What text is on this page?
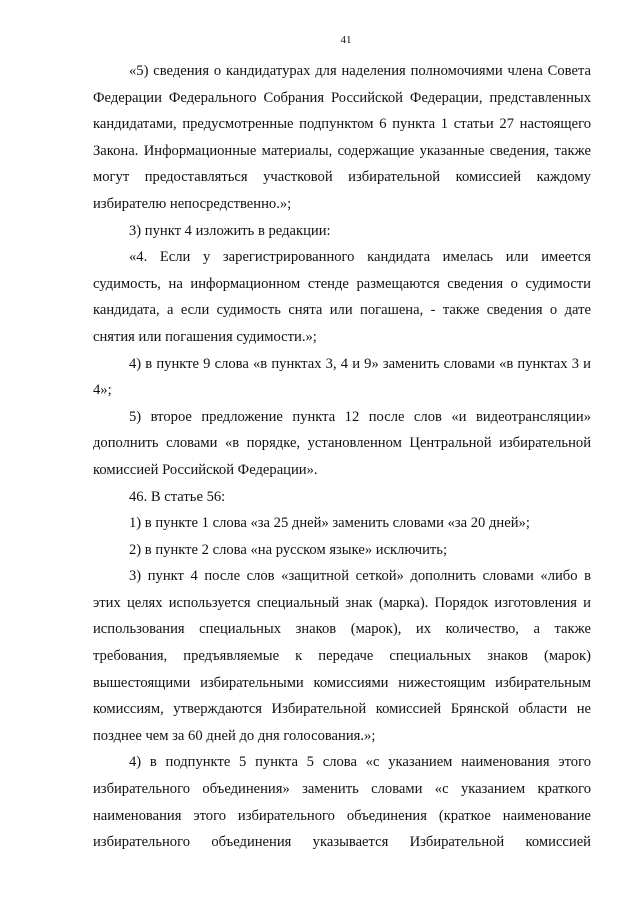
41

«5) сведения о кандидатурах для наделения полномочиями члена Совета Федерации Федерального Собрания Российской Федерации, представленных кандидатами, предусмотренные подпунктом 6 пункта 1 статьи 27 настоящего Закона. Информационные материалы, содержащие указанные сведения, также могут предоставляться участковой избирательной комиссией каждому избирателю непосредственно.»;

3) пункт 4 изложить в редакции:

«4. Если у зарегистрированного кандидата имелась или имеется судимость, на информационном стенде размещаются сведения о судимости кандидата, а если судимость снята или погашена, - также сведения о дате снятия или погашения судимости.»;

4) в пункте 9 слова «в пунктах 3, 4 и 9» заменить словами «в пунктах 3 и 4»;

5) второе предложение пункта 12 после слов «и видеотрансляции» дополнить словами «в порядке, установленном Центральной избирательной комиссией Российской Федерации».

46. В статье 56:

1) в пункте 1 слова «за 25 дней» заменить словами «за 20 дней»;

2) в пункте 2 слова «на русском языке» исключить;

3) пункт 4 после слов «защитной сеткой» дополнить словами «либо в этих целях используется специальный знак (марка). Порядок изготовления и использования специальных знаков (марок), их количество, а также требования, предъявляемые к передаче специальных знаков (марок) вышестоящими избирательными комиссиями нижестоящим избирательным комиссиям, утверждаются Избирательной комиссией Брянской области не позднее чем за 60 дней до дня голосования.»;

4) в подпункте 5 пункта 5 слова «с указанием наименования этого избирательного объединения» заменить словами «с указанием краткого наименования этого избирательного объединения (краткое наименование избирательного объединения указывается Избирательной комиссией
